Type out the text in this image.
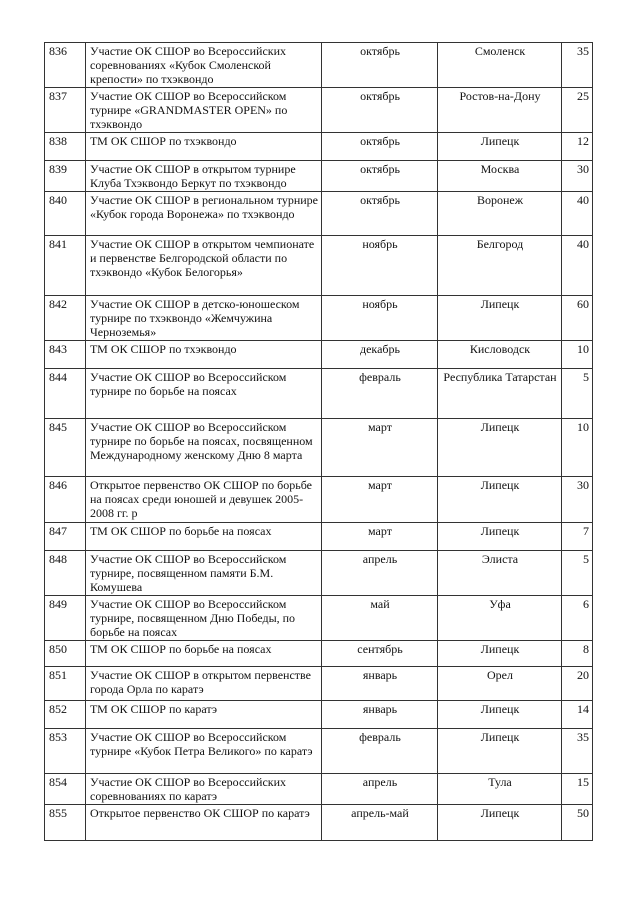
836	Участие ОК СШОР во Всероссийских соревнованиях «Кубок Смоленской крепости» по тхэквондо	октябрь	Смоленск	35
837	Участие ОК СШОР во Всероссийском турнире «GRANDMASTER OPEN» по тхэквондо	октябрь	Ростов-на-Дону	25
838	ТМ ОК СШОР по тхэквондо	октябрь	Липецк	12
839	Участие ОК СШОР в открытом турнире Клуба Тхэквондо Беркут по тхэквондо	октябрь	Москва	30
840	Участие ОК СШОР в региональном турнире «Кубок города Воронежа» по тхэквондо	октябрь	Воронеж	40
841	Участие ОК СШОР в открытом чемпионате и первенстве Белгородской области по тхэквондо «Кубок Белогорья»	ноябрь	Белгород	40
842	Участие ОК СШОР в детско-юношеском турнире по тхэквондо «Жемчужина Черноземья»	ноябрь	Липецк	60
843	ТМ ОК СШОР по тхэквондо	декабрь	Кисловодск	10
844	Участие ОК СШОР во Всероссийском турнире по борьбе на поясах	февраль	Республика Татарстан	5
845	Участие ОК СШОР во Всероссийском турнире по борьбе на поясах, посвященном Международному женскому Дню 8 марта	март	Липецк	10
846	Открытое первенство ОК СШОР по борьбе на поясах среди юношей и девушек 2005-2008 гг. р	март	Липецк	30
847	ТМ ОК СШОР по борьбе на поясах	март	Липецк	7
848	Участие ОК СШОР во Всероссийском турнире, посвященном памяти Б.М. Комушева	апрель	Элиста	5
849	Участие ОК СШОР во Всероссийском турнире, посвященном Дню Победы, по борьбе на поясах	май	Уфа	6
850	ТМ ОК СШОР по борьбе на поясах	сентябрь	Липецк	8
851	Участие ОК СШОР в открытом первенстве города Орла по каратэ	январь	Орел	20
852	ТМ ОК СШОР по каратэ	январь	Липецк	14
853	Участие ОК СШОР во Всероссийском турнире «Кубок Петра Великого» по каратэ	февраль	Липецк	35
854	Участие ОК СШОР во Всероссийских соревнованиях по каратэ	апрель	Тула	15
855	Открытое первенство ОК СШОР по каратэ	апрель-май	Липецк	50
